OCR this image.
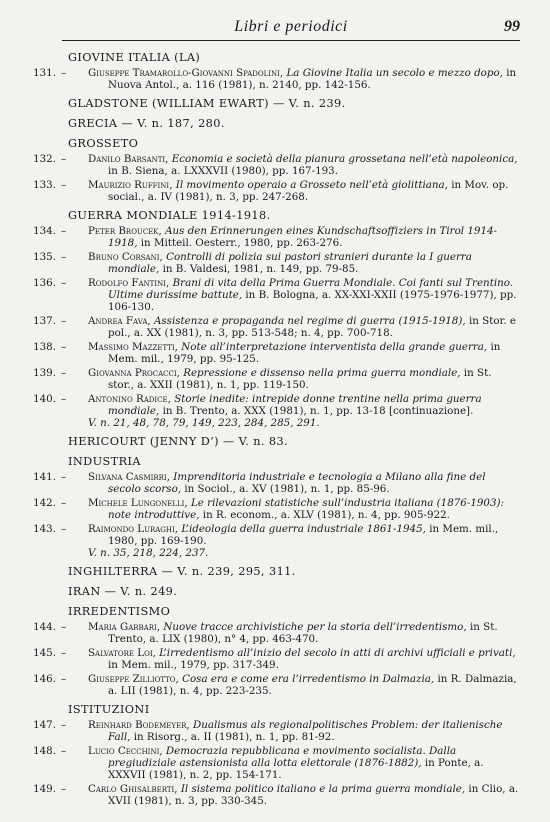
Libri e periodici	99
GIOVINE ITALIA (LA)
131. – Giuseppe Tramarollo-Giovanni Spadolini, La Giovine Italia un secolo e mezzo dopo, in Nuova Antol., a. 116 (1981), n. 2140, pp. 142-156.
GLADSTONE (WILLIAM EWART) — V. n. 239.
GRECIA — V. n. 187, 280.
GROSSETO
132. – Danilo Barsanti, Economia e società della pianura grossetana nell’età napoleonica, in B. Siena, a. LXXXVII (1980), pp. 167-193.
133. – Maurizio Ruffini, Il movimento operaio a Grosseto nell’età giolittiana, in Mov. op. social., a. IV (1981), n. 3, pp. 247-268.
GUERRA MONDIALE 1914-1918.
134. – Peter Broucek, Aus den Erinnerungen eines Kundschaftsoffiziers in Tirol 1914-1918, in Mitteil. Oesterr., 1980, pp. 263-276.
135. – Bruno Corsani, Controlli di polizia sui pastori stranieri durante la I guerra mondiale, in B. Valdesi, 1981, n. 149, pp. 79-85.
136. – Rodolfo Fantini, Brani di vita della Prima Guerra Mondiale. Coi fanti sul Trentino. Ultime durissime battute, in B. Bologna, a. XX-XXI-XXII (1975-1976-1977), pp. 106-130.
137. – Andrea Fava, Assistenza e propaganda nel regime di guerra (1915-1918), in Stor. e pol., a. XX (1981), n. 3, pp. 513-548; n. 4, pp. 700-718.
138. – Massimo Mazzetti, Note all’interpretazione interventista della grande guerra, in Mem. mil., 1979, pp. 95-125.
139. – Giovanna Procacci, Repressione e dissenso nella prima guerra mondiale, in St. stor., a. XXII (1981), n. 1, pp. 119-150.
140. – Antonino Radice, Storie inedite: intrepide donne trentine nella prima guerra mondiale, in B. Trento, a. XXX (1981), n. 1, pp. 13-18 [continuazione].
V. n. 21, 48, 78, 79, 149, 223, 284, 285, 291.
HERICOURT (JENNY D’) — V. n. 83.
INDUSTRIA
141. – Silvana Casmirri, Imprenditoria industriale e tecnologia a Milano alla fine del secolo scorso, in Sociol., a. XV (1981), n. 1, pp. 85-96.
142. – Michele Lungonelli, Le rilevazioni statistiche sull’industria italiana (1876-1903): note introduttive, in R. econom., a. XLV (1981), n. 4, pp. 905-922.
143. – Raimondo Luraghi, L’ideologia della guerra industriale 1861-1945, in Mem. mil., 1980, pp. 169-190.
V. n. 35, 218, 224, 237.
INGHILTERRA — V. n. 239, 295, 311.
IRAN — V. n. 249.
IRREDENTISMO
144. – Maria Garbari, Nuove tracce archivistiche per la storia dell’irredentismo, in St. Trento, a. LIX (1980), n° 4, pp. 463-470.
145. – Salvatore Loi, L’irredentismo all’inizio del secolo in atti di archivi ufficiali e privati, in Mem. mil., 1979, pp. 317-349.
146. – Giuseppe Zilliotto, Cosa era e come era l’irredentismo in Dalmazia, in R. Dalmazia, a. LII (1981), n. 4, pp. 223-235.
ISTITUZIONI
147. – Reinhard Bodemeyer, Dualismus als regionalpolitisches Problem: der italienische Fall, in Risorg., a. II (1981), n. 1, pp. 81-92.
148. – Lucio Cecchini, Democrazia repubblicana e movimento socialista. Dalla pregiudiziale astensionista alla lotta elettorale (1876-1882), in Ponte, a. XXXVII (1981), n. 2, pp. 154-171.
149. – Carlo Ghisalberti, Il sistema politico italiano e la prima guerra mondiale, in Clio, a. XVII (1981), n. 3, pp. 330-345.
